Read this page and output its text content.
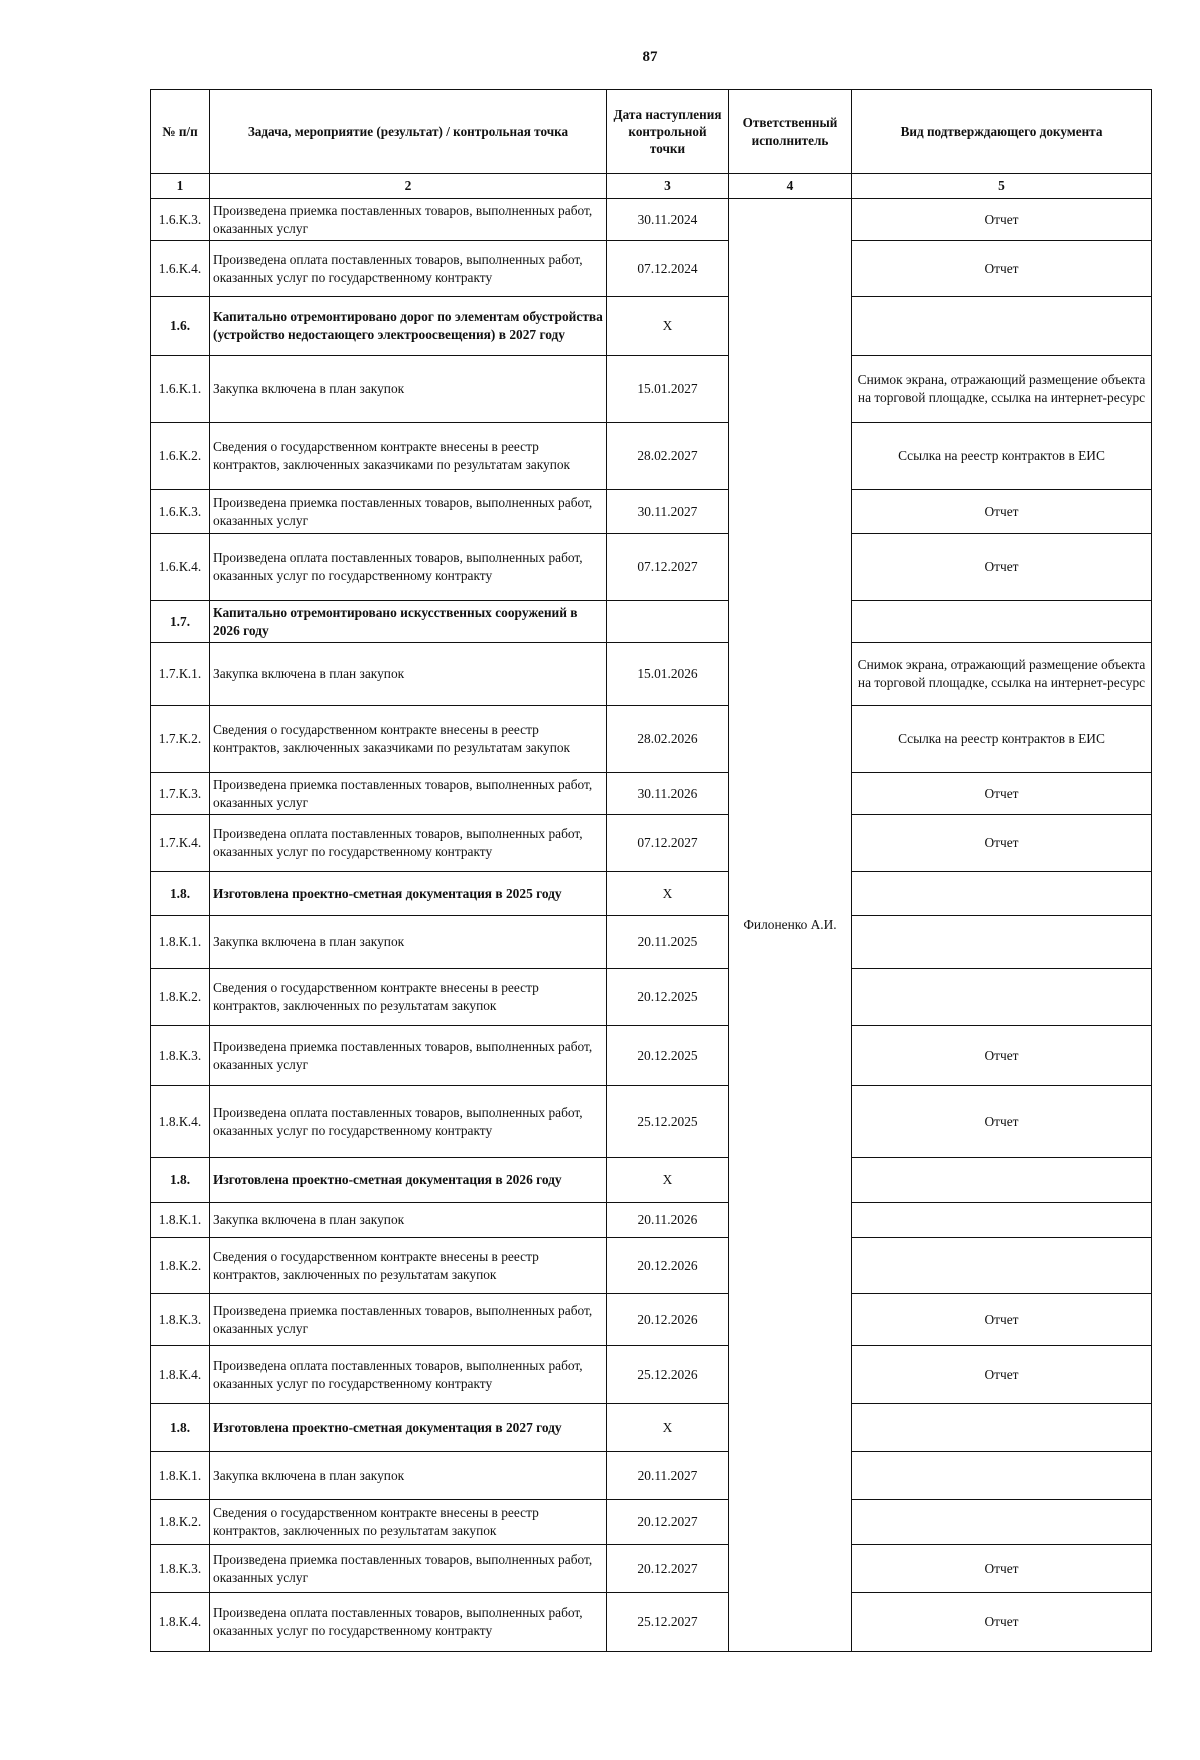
87
№ п/п	Задача, мероприятие (результат) / контрольная точка	Дата наступления контрольной точки	Ответственный исполнитель	Вид подтверждающего документа
1	2	3	4	5
1.6.К.3.	Произведена приемка поставленных товаров, выполненных работ, оказанных услуг	30.11.2024	Филоненко А.И.	Отчет
1.6.К.4.	Произведена оплата поставленных товаров, выполненных работ, оказанных услуг по государственному контракту	07.12.2024		Отчет
1.6.	Капитально отремонтировано дорог по элементам обустройства (устройство недостающего электроосвещения) в 2027 году	Х		
1.6.К.1.	Закупка включена в план закупок	15.01.2027		Снимок экрана, отражающий размещение объекта на торговой площадке, ссылка на интернет-ресурс
1.6.К.2.	Сведения о государственном контракте внесены в реестр контрактов, заключенных заказчиками по результатам закупок	28.02.2027		Ссылка на реестр контрактов в ЕИС
1.6.К.3.	Произведена приемка поставленных товаров, выполненных работ, оказанных услуг	30.11.2027		Отчет
1.6.К.4.	Произведена оплата поставленных товаров, выполненных работ, оказанных услуг по государственному контракту	07.12.2027		Отчет
1.7.	Капитально отремонтировано искусственных сооружений в 2026 году			
1.7.К.1.	Закупка включена в план закупок	15.01.2026		Снимок экрана, отражающий размещение объекта на торговой площадке, ссылка на интернет-ресурс
1.7.К.2.	Сведения о государственном контракте внесены в реестр контрактов, заключенных заказчиками по результатам закупок	28.02.2026		Ссылка на реестр контрактов в ЕИС
1.7.К.3.	Произведена приемка поставленных товаров, выполненных работ, оказанных услуг	30.11.2026		Отчет
1.7.К.4.	Произведена оплата поставленных товаров, выполненных работ, оказанных услуг по государственному контракту	07.12.2027		Отчет
1.8.	Изготовлена проектно-сметная документация в 2025 году	Х		
1.8.К.1.	Закупка включена в план закупок	20.11.2025		
1.8.К.2.	Сведения о государственном контракте внесены в реестр контрактов, заключенных по результатам закупок	20.12.2025		
1.8.К.3.	Произведена приемка поставленных товаров, выполненных работ, оказанных услуг	20.12.2025		Отчет
1.8.К.4.	Произведена оплата поставленных товаров, выполненных работ, оказанных услуг по государственному контракту	25.12.2025		Отчет
1.8.	Изготовлена проектно-сметная документация в 2026 году	Х		
1.8.К.1.	Закупка включена в план закупок	20.11.2026		
1.8.К.2.	Сведения о государственном контракте внесены в реестр контрактов, заключенных по результатам закупок	20.12.2026		
1.8.К.3.	Произведена приемка поставленных товаров, выполненных работ, оказанных услуг	20.12.2026		Отчет
1.8.К.4.	Произведена оплата поставленных товаров, выполненных работ, оказанных услуг по государственному контракту	25.12.2026		Отчет
1.8.	Изготовлена проектно-сметная документация в 2027 году	Х		
1.8.К.1.	Закупка включена в план закупок	20.11.2027		
1.8.К.2.	Сведения о государственном контракте внесены в реестр контрактов, заключенных по результатам закупок	20.12.2027		
1.8.К.3.	Произведена приемка поставленных товаров, выполненных работ, оказанных услуг	20.12.2027		Отчет
1.8.К.4.	Произведена оплата поставленных товаров, выполненных работ, оказанных услуг по государственному контракту	25.12.2027		Отчет
